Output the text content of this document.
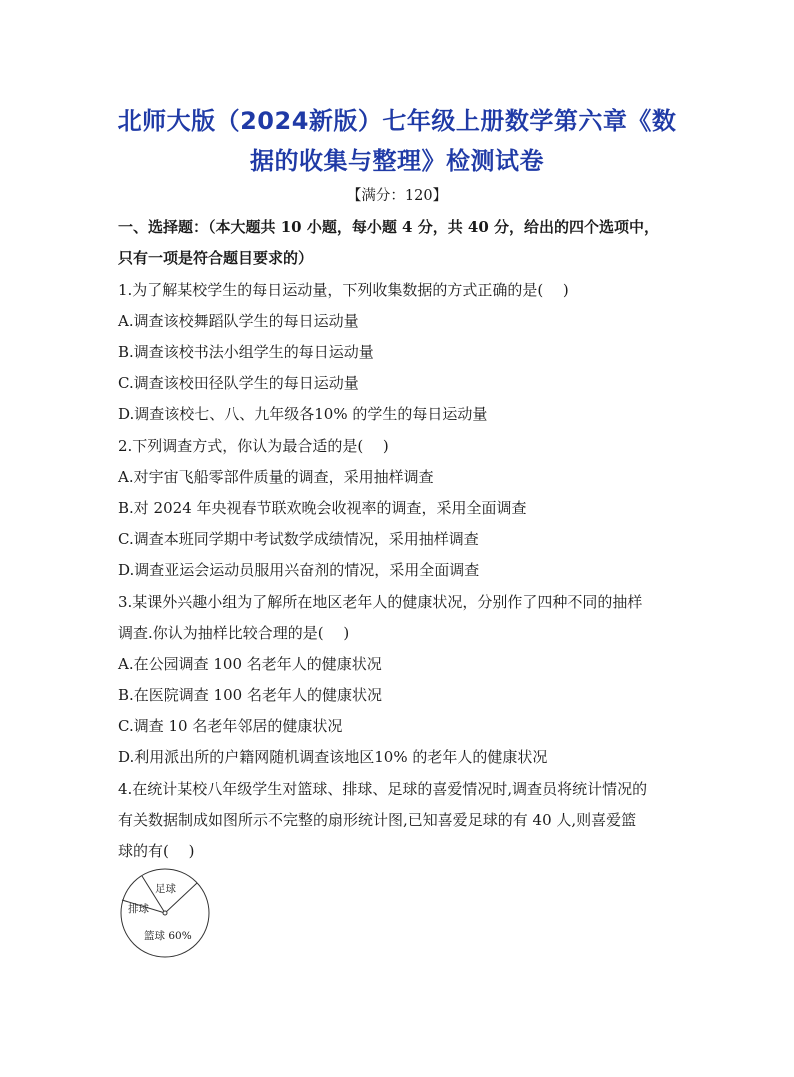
北师大版（2024新版）七年级上册数学第六章《数
据的收集与整理》检测试卷
【满分：120】
一、选择题：（本大题共 10 小题，每小题 4 分，共 40 分，给出的四个选项中，
只有一项是符合题目要求的）
1.为了解某校学生的每日运动量，下列收集数据的方式正确的是(　 )
A.调查该校舞蹈队学生的每日运动量
B.调查该校书法小组学生的每日运动量
C.调查该校田径队学生的每日运动量
D.调查该校七、八、九年级各10% 的学生的每日运动量
2.下列调查方式，你认为最合适的是(　 )
A.对宇宙飞船零部件质量的调查，采用抽样调查
B.对 2024 年央视春节联欢晚会收视率的调查，采用全面调查
C.调查本班同学期中考试数学成绩情况，采用抽样调查
D.调查亚运会运动员服用兴奋剂的情况，采用全面调查
3.某课外兴趣小组为了解所在地区老年人的健康状况，分别作了四种不同的抽样
调查.你认为抽样比较合理的是(　 )
A.在公园调查 100 名老年人的健康状况
B.在医院调查 100 名老年人的健康状况
C.调查 10 名老年邻居的健康状况
D.利用派出所的户籍网随机调查该地区10% 的老年人的健康状况
4.在统计某校八年级学生对篮球、排球、足球的喜爱情况时,调查员将统计情况的
有关数据制成如图所示不完整的扇形统计图,已知喜爱足球的有 40 人,则喜爱篮
球的有(　 )
足球
排球
篮球 60%
